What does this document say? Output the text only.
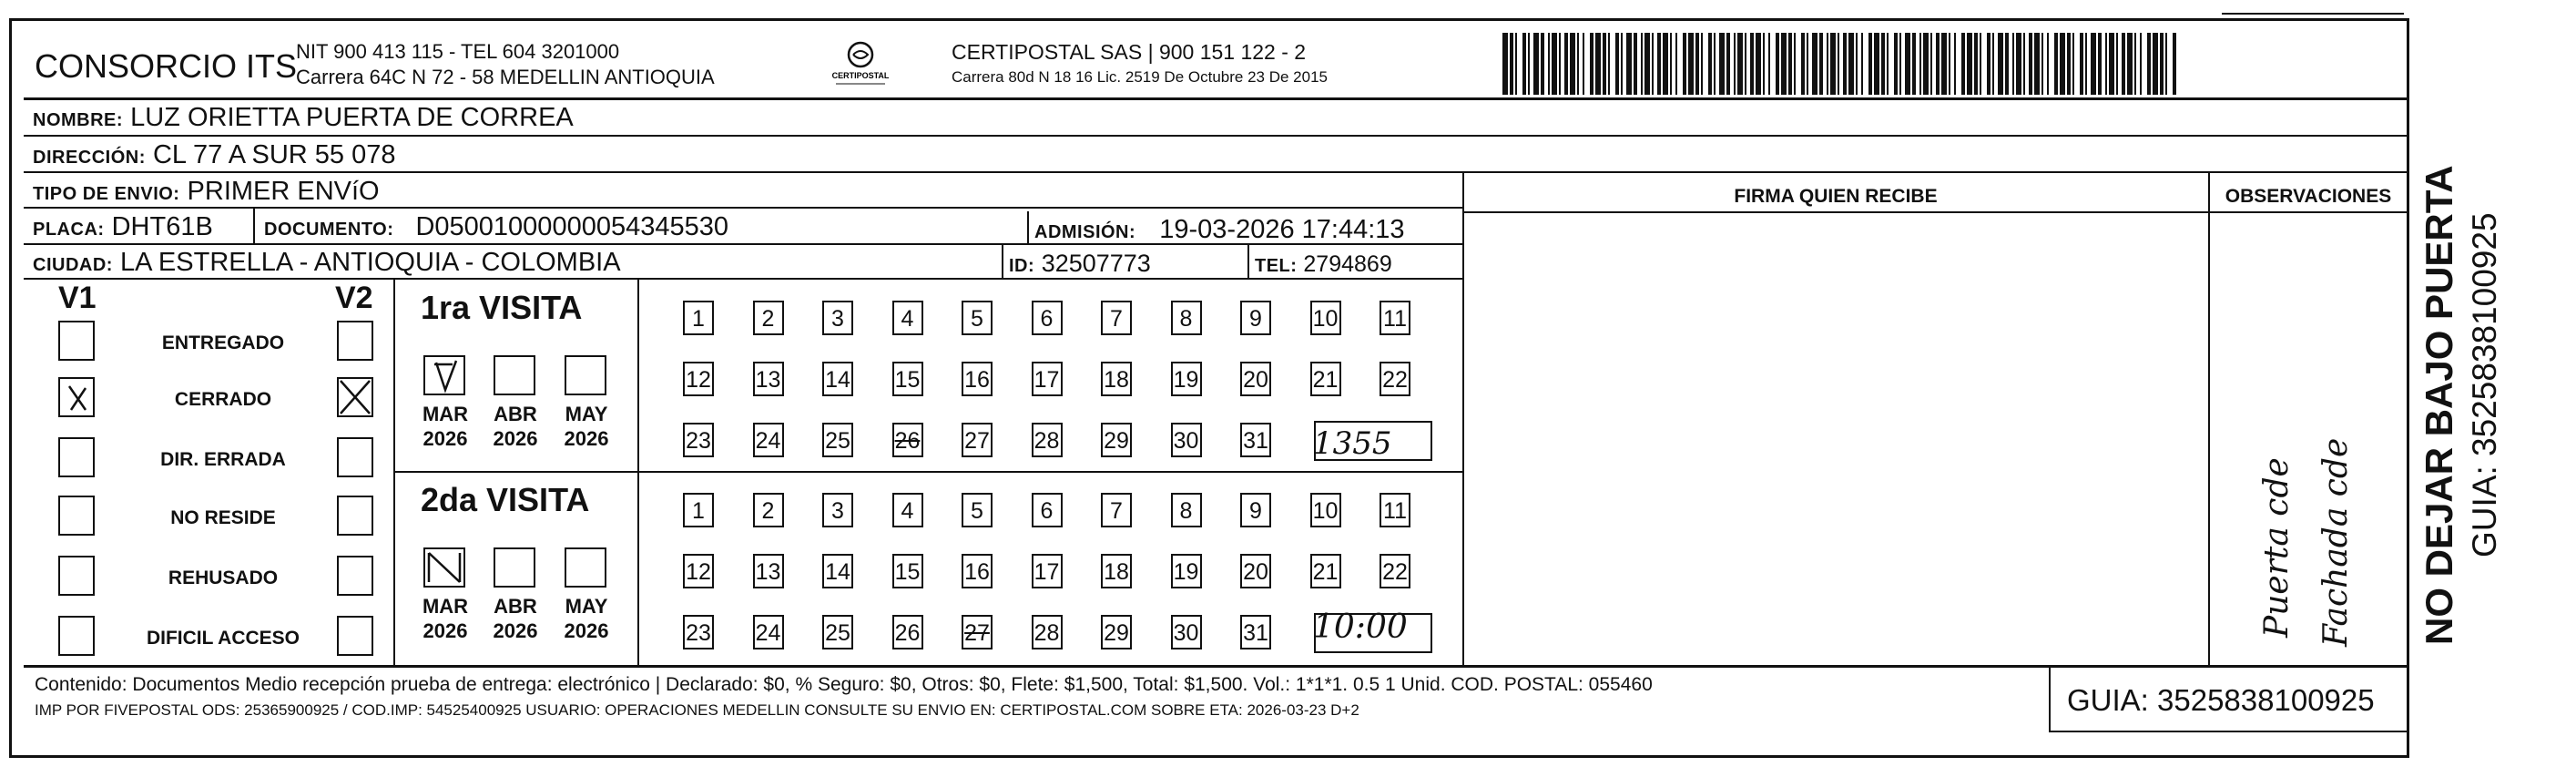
CONSORCIO ITS
NIT 900 413 115 - TEL 604 3201000
Carrera 64C N 72 - 58 MEDELLIN ANTIOQUIA	CERTIPOSTAL
CERTIPOSTAL SAS | 900 151 122 - 2
Carrera 80d N 18 16 Lic. 2519 De Octubre 23 De 2015
NOMBRE: LUZ ORIETTA PUERTA DE CORREA
DIRECCIÓN: CL 77 A SUR 55 078
TIPO DE ENVIO: PRIMER ENVíO
PLACA: DHT61B	DOCUMENTO: D05001000000054345530	ADMISIÓN: 19-03-2026 17:44:13
CIUDAD: LA ESTRELLA - ANTIOQUIA - COLOMBIA	ID: 32507773	TEL: 2794869
FIRMA QUIEN RECIBE	OBSERVACIONES
Puerta cde Fachada cde
V1	V2
ENTREGADO
CERRADO
DIR. ERRADA
NO RESIDE
REHUSADO
DIFICIL ACCESO
1ra VISITA
2da VISITA
MAR
2026
ABR
2026
MAY
2026
1	2	3	4	5	6	7	8	9	10 11
12 13 14 15 16 17 18 19 20 21 22
23 24 25 26 27 28 29 30 31
MAR
2026
ABR
2026
MAY
2026
1	2	3	4	5	6	7	8	9	10 11
12 13 14 15 16 17 18 19 20 21 22
23 24 25 26 27 28 29 30 31
1355
10:00	NO DEJAR BAJO PUERTA GUIA: 3525838100925
Contenido: Documentos Medio recepción prueba de entrega: electrónico | Declarado: $0, % Seguro: $0, Otros: $0, Flete: $1,500, Total: $1,500. Vol.: 1*1*1. 0.5 1 Unid. COD. POSTAL: 055460
IMP POR FIVEPOSTAL ODS: 25365900925 / COD.IMP: 54525400925 USUARIO: OPERACIONES MEDELLIN CONSULTE SU ENVIO EN: CERTIPOSTAL.COM SOBRE ETA: 2026-03-23 D+2	GUIA: 3525838100925
